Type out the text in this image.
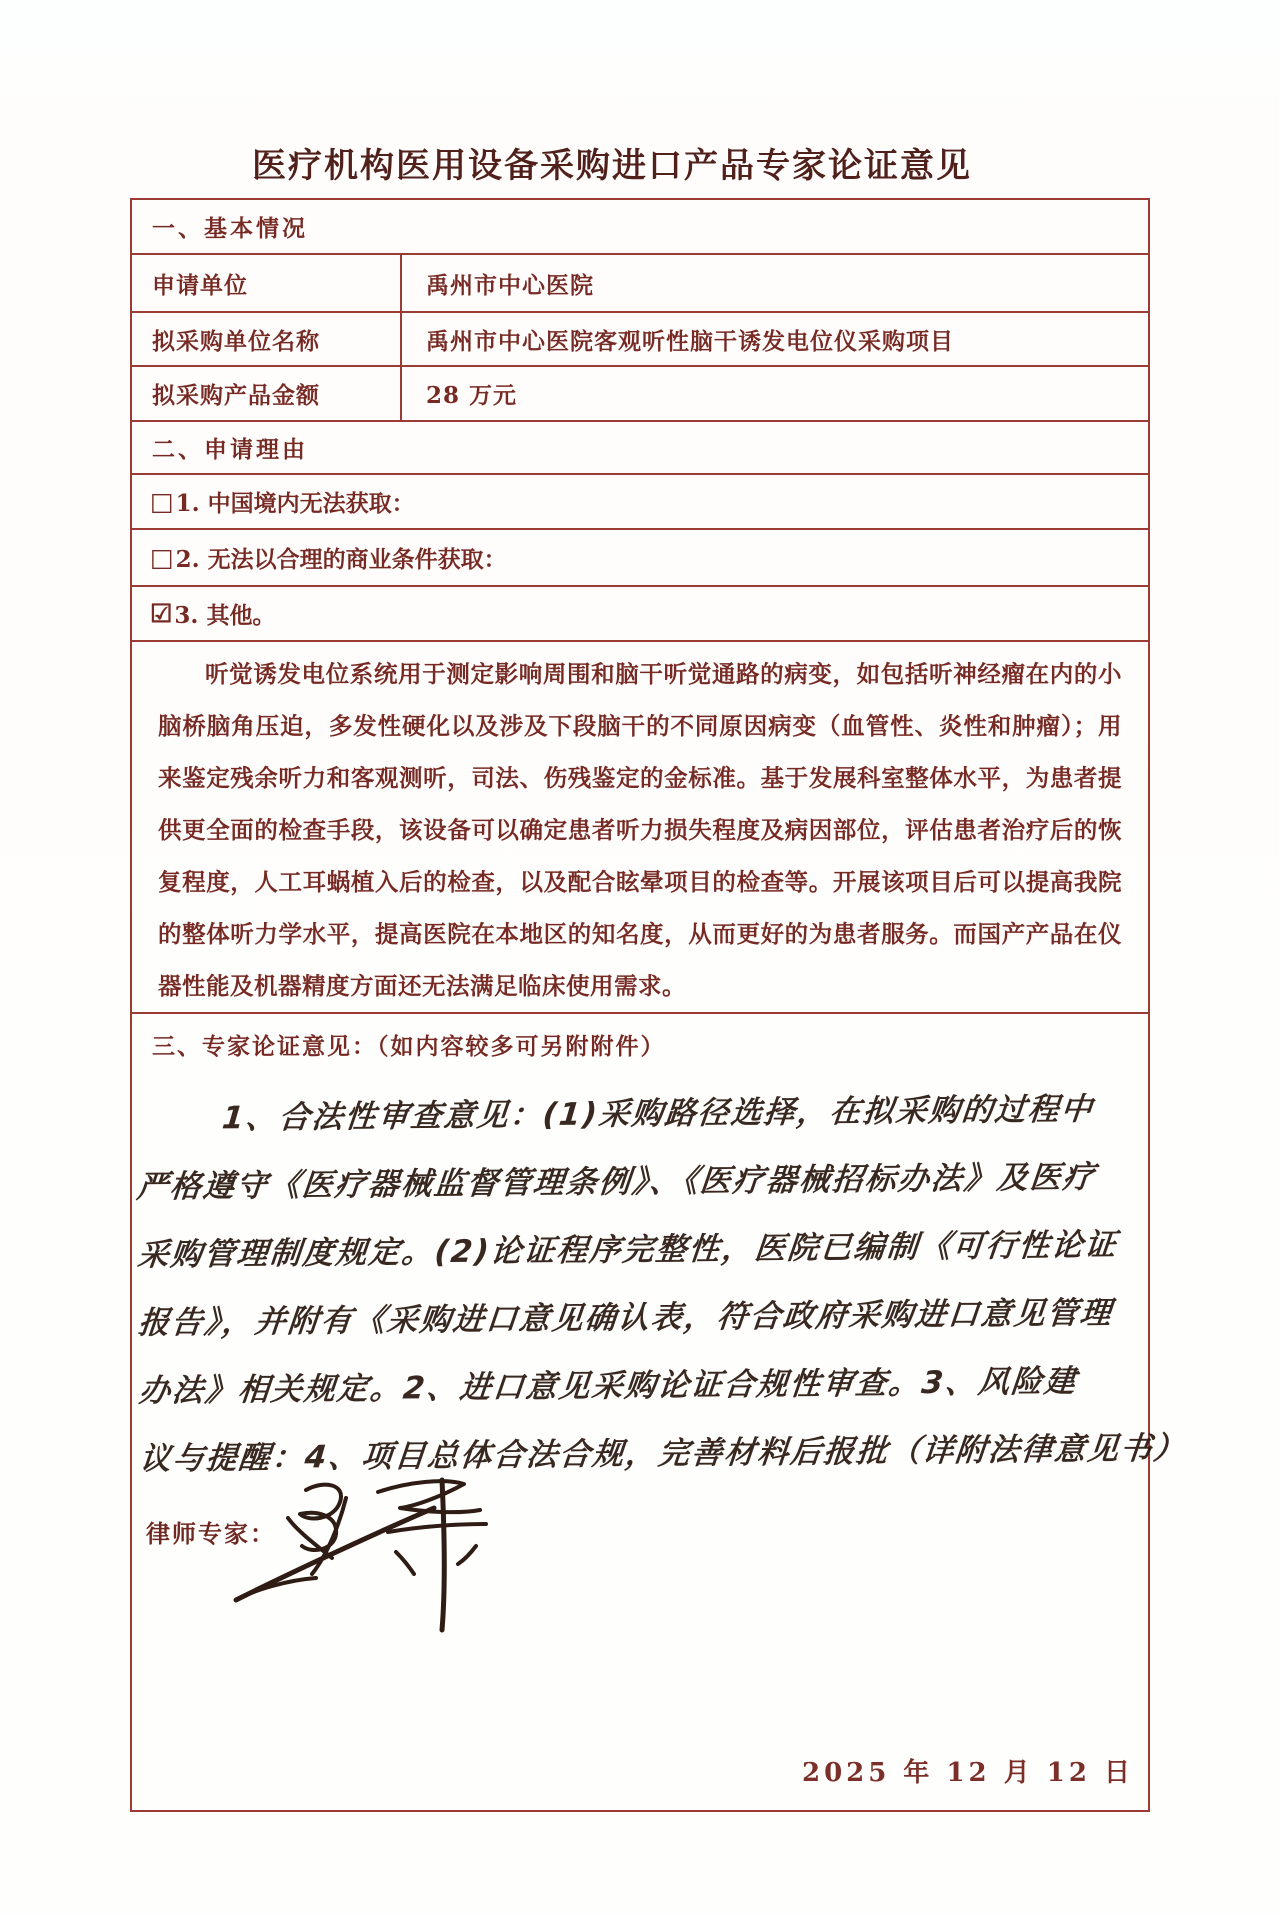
医疗机构医用设备采购进口产品专家论证意见
一、基本情况
申请单位	禹州市中心医院
拟采购单位名称	禹州市中心医院客观听性脑干诱发电位仪采购项目
拟采购产品金额	28 万元
二、申请理由
□ 1. 中国境内无法获取：
□ 2. 无法以合理的商业条件获取：
☑ 3. 其他。
听觉诱发电位系统用于测定影响周围和脑干听觉通路的病变，如包括听神经瘤在内的小脑桥脑角压迫，多发性硬化以及涉及下段脑干的不同原因病变（血管性、炎性和肿瘤）；用来鉴定残余听力和客观测听，司法、伤残鉴定的金标准。基于发展科室整体水平，为患者提供更全面的检查手段，该设备可以确定患者听力损失程度及病因部位，评估患者治疗后的恢复程度，人工耳蜗植入后的检查，以及配合眩晕项目的检查等。开展该项目后可以提高我院的整体听力学水平，提高医院在本地区的知名度，从而更好的为患者服务。而国产产品在仪器性能及机器精度方面还无法满足临床使用需求。
三、专家论证意见：（如内容较多可另附附件）
1、合法性审查意见：(1)采购路径选择，在拟采购的过程中
严格遵守《医疗器械监督管理条例》、《医疗器械招标办法》及医疗
采购管理制度规定。(2)论证程序完整性，医院已编制《可行性论证
报告》，并附有《采购进口意见确认表，符合政府采购进口意见管理
办法》相关规定。2、进口意见采购论证合规性审查。3、风险建
议与提醒：4、项目总体合法合规，完善材料后报批（详附法律意见书）
律师专家：
2025 年 12 月 12 日
